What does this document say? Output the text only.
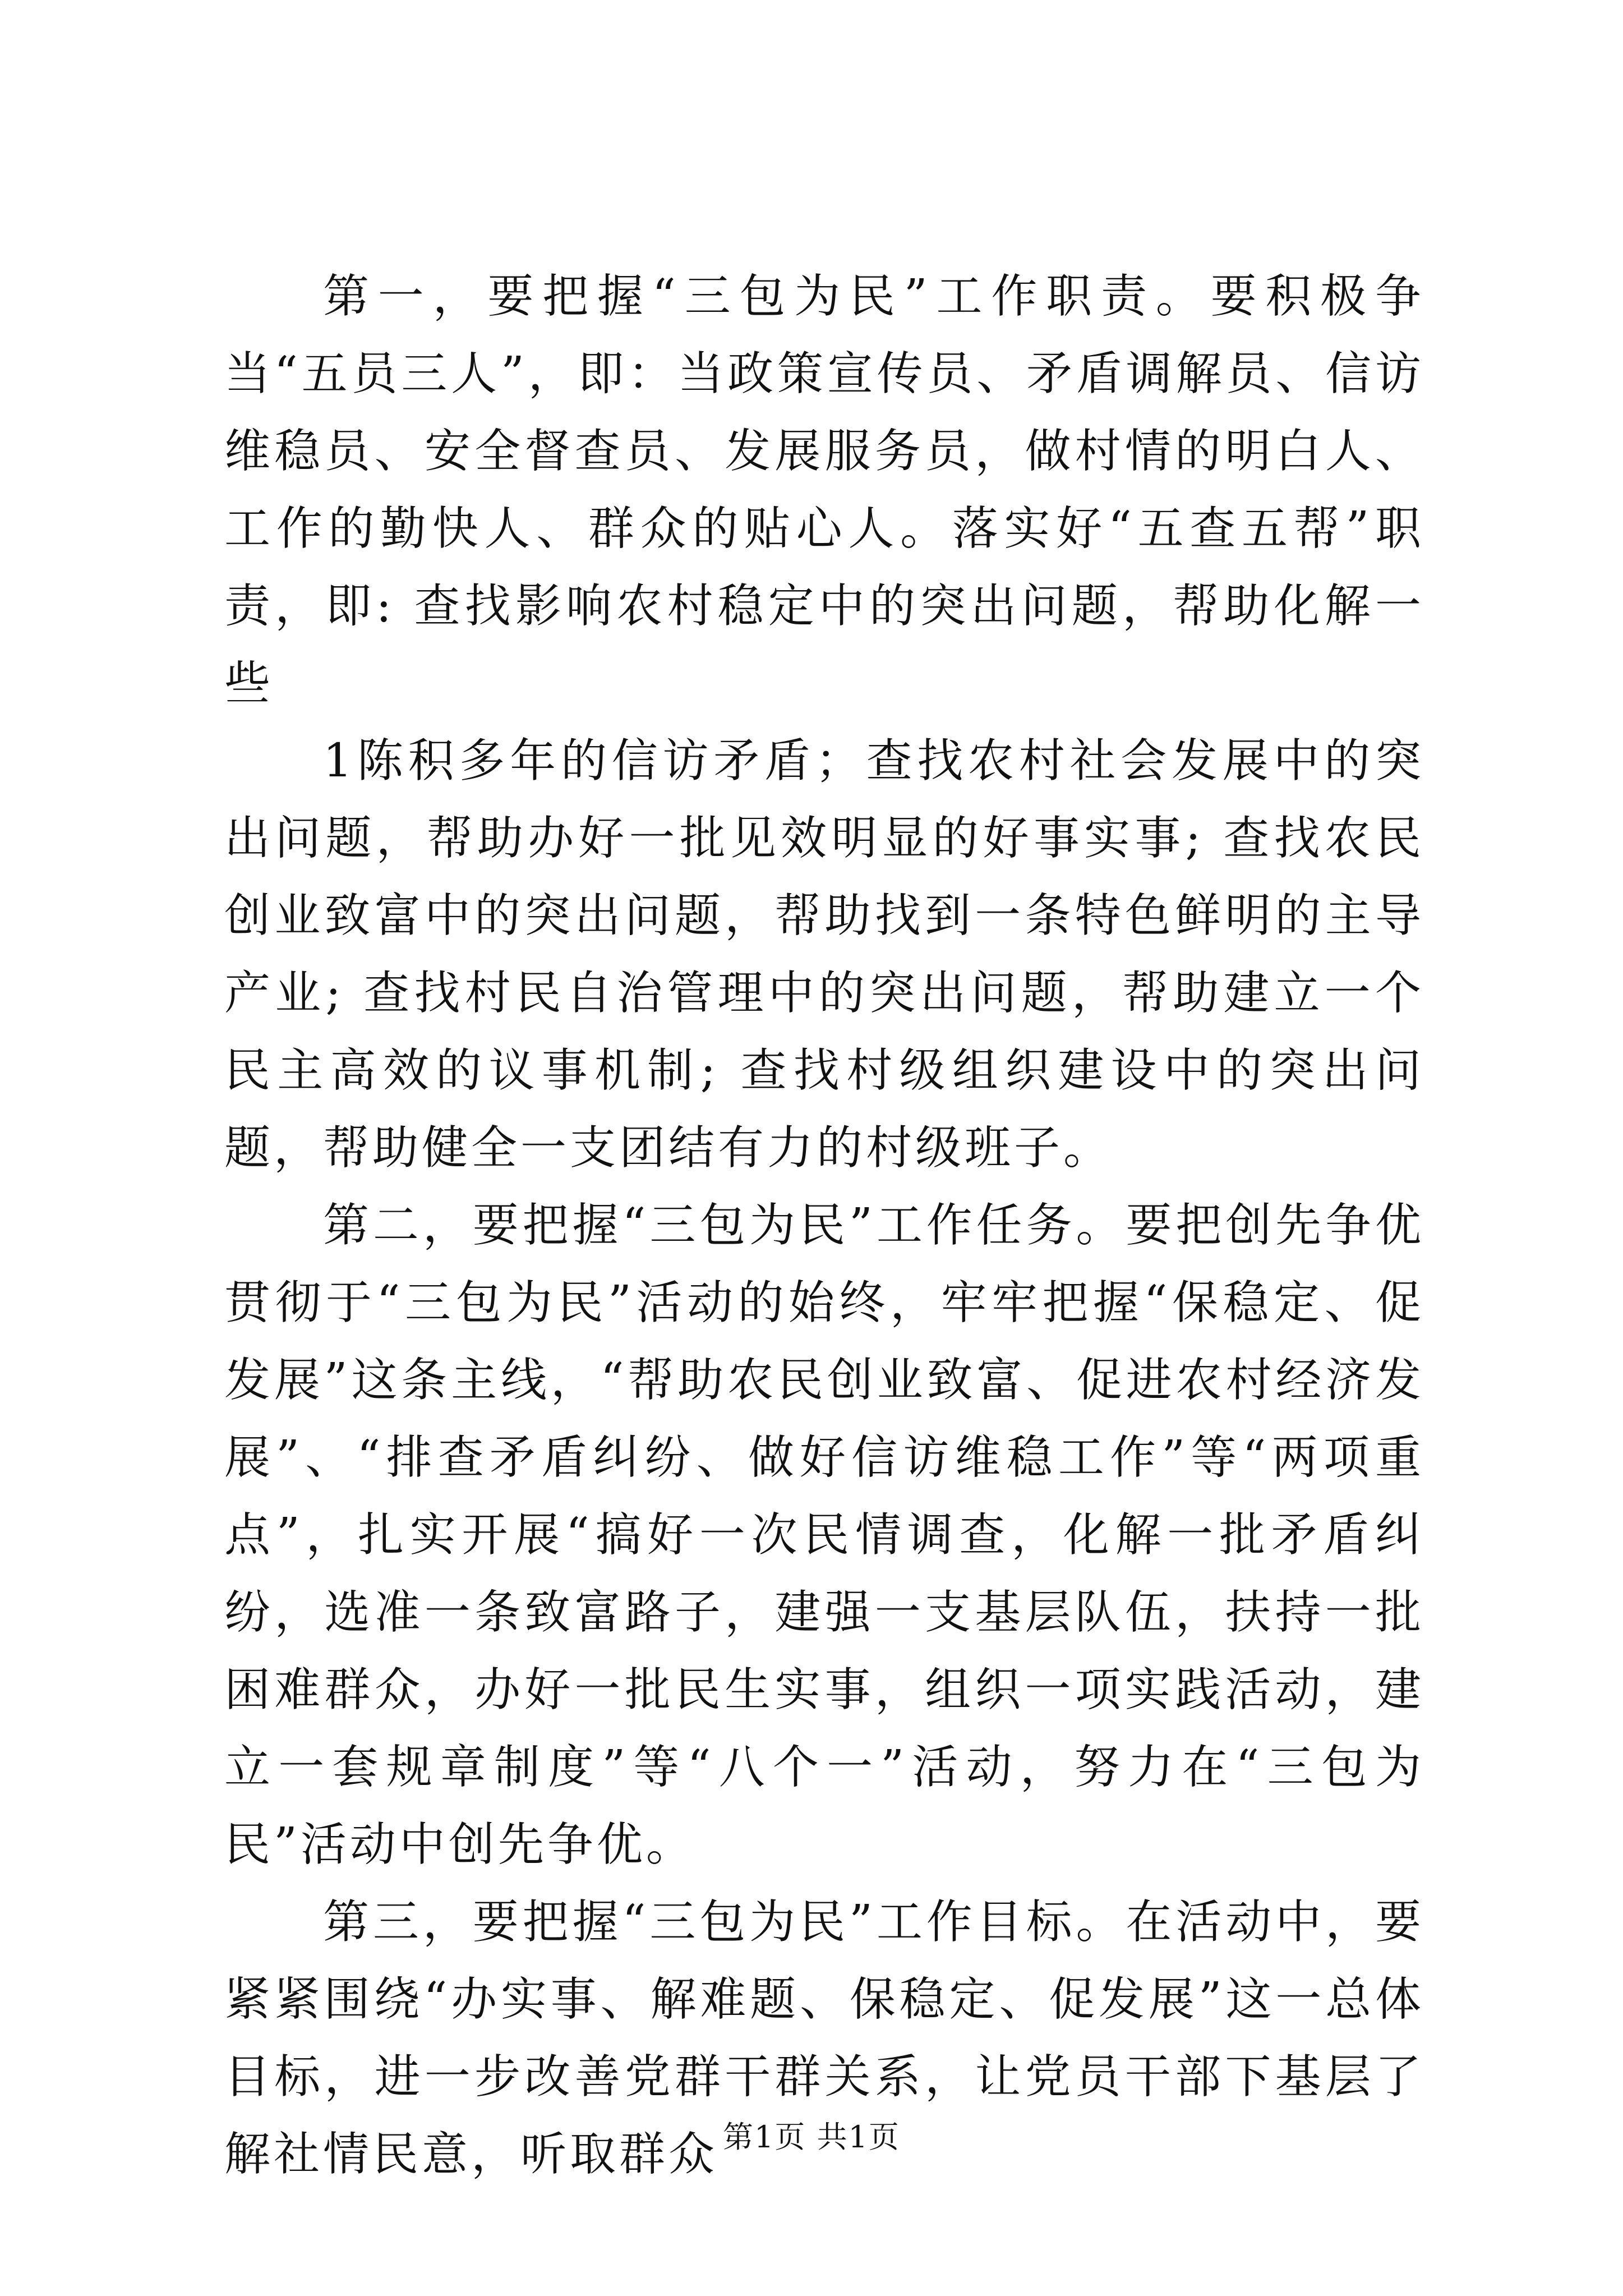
第一，要把握“三包为民”工作职责。要积极争当“五员三人”，即：当政策宣传员、矛盾调解员、信访维稳员、安全督查员、发展服务员，做村情的明白人、工作的勤快人、群众的贴心人。落实好“五查五帮”职责，即: 查找影响农村稳定中的突出问题，帮助化解一些

1陈积多年的信访矛盾；查找农村社会发展中的突出问题，帮助办好一批见效明显的好事实事; 查找农民创业致富中的突出问题，帮助找到一条特色鲜明的主导产业; 查找村民自治管理中的突出问题，帮助建立一个民主高效的议事机制; 查找村级组织建设中的突出问题，帮助健全一支团结有力的村级班子。

第二，要把握“三包为民”工作任务。要把创先争优贯彻于“三包为民”活动的始终，牢牢把握“保稳定、促发展”这条主线，“帮助农民创业致富、促进农村经济发展”、“排查矛盾纠纷、做好信访维稳工作”等“两项重点”，扎实开展“搞好一次民情调查，化解一批矛盾纠纷，选准一条致富路子，建强一支基层队伍，扶持一批困难群众，办好一批民生实事，组织一项实践活动，建立一套规章制度”等“八个一”活动，努力在“三包为民”活动中创先争优。

第三，要把握“三包为民”工作目标。在活动中，要紧紧围绕“办实事、解难题、保稳定、促发展”这一总体目标，进一步改善党群干群关系，让党员干部下基层了解社情民意，听取群众 第1页 共1页
